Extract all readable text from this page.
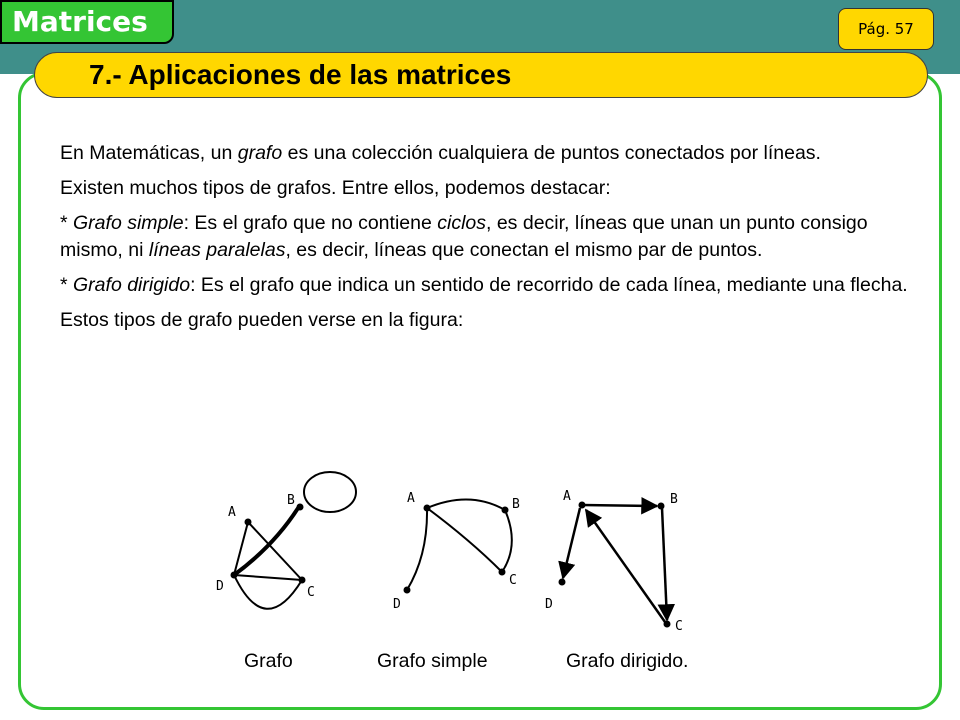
Matrices	Pág. 57
7.- Aplicaciones de las matrices

En Matemáticas, un grafo es una colección cualquiera de puntos conectados por líneas.

Existen muchos tipos de grafos. Entre ellos, podemos destacar:

* Grafo simple: Es el grafo que no contiene ciclos, es decir, líneas que unan un punto consigo mismo, ni líneas paralelas, es decir, líneas que conectan el mismo par de puntos.

* Grafo dirigido: Es el grafo que indica un sentido de recorrido de cada línea, mediante una flecha.

Estos tipos de grafo pueden verse en la figura:

A
B
D	C
A	B
C
D
A	B
C
D
Grafo	Grafo simple	Grafo dirigido.
